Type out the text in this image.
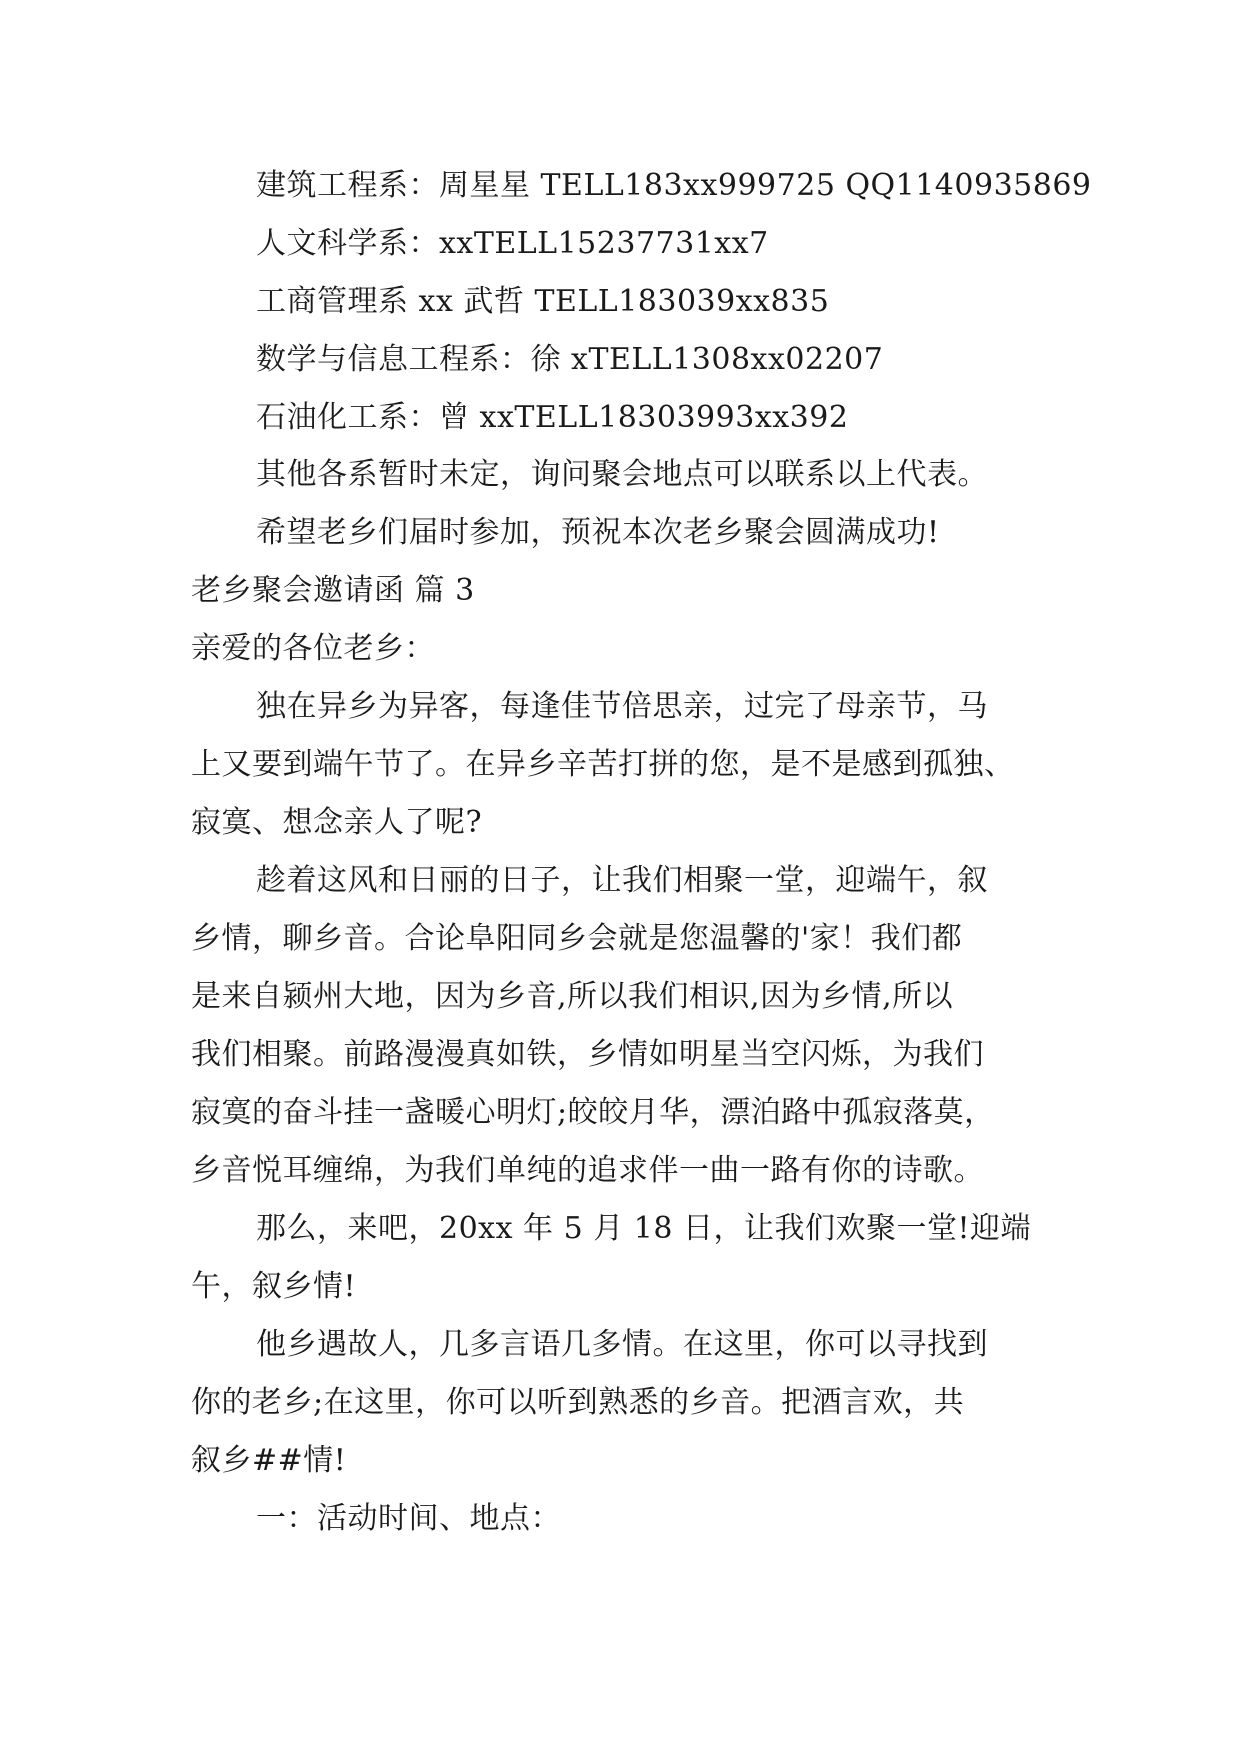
建筑工程系：周星星 TELL183xx999725 QQ1140935869
人文科学系：xxTELL15237731xx7
工商管理系 xx 武哲 TELL183039xx835
数学与信息工程系：徐 xTELL1308xx02207
石油化工系：曾 xxTELL18303993xx392
其他各系暂时未定，询问聚会地点可以联系以上代表。
希望老乡们届时参加，预祝本次老乡聚会圆满成功!
老乡聚会邀请函 篇 3
亲爱的各位老乡：
独在异乡为异客，每逢佳节倍思亲，过完了母亲节，马
上又要到端午节了。在异乡辛苦打拼的您，是不是感到孤独、
寂寞、想念亲人了呢?
趁着这风和日丽的日子，让我们相聚一堂，迎端午，叙
乡情，聊乡音。合论阜阳同乡会就是您温馨的'家！我们都
是来自颍州大地，因为乡音,所以我们相识,因为乡情,所以
我们相聚。前路漫漫真如铁，乡情如明星当空闪烁，为我们
寂寞的奋斗挂一盏暖心明灯;皎皎月华，漂泊路中孤寂落莫，
乡音悦耳缠绵，为我们单纯的追求伴一曲一路有你的诗歌。
那么，来吧，20xx 年 5 月 18 日，让我们欢聚一堂!迎端
午，叙乡情!
他乡遇故人，几多言语几多情。在这里，你可以寻找到
你的老乡;在这里，你可以听到熟悉的乡音。把酒言欢，共
叙乡##情!
一：活动时间、地点：
